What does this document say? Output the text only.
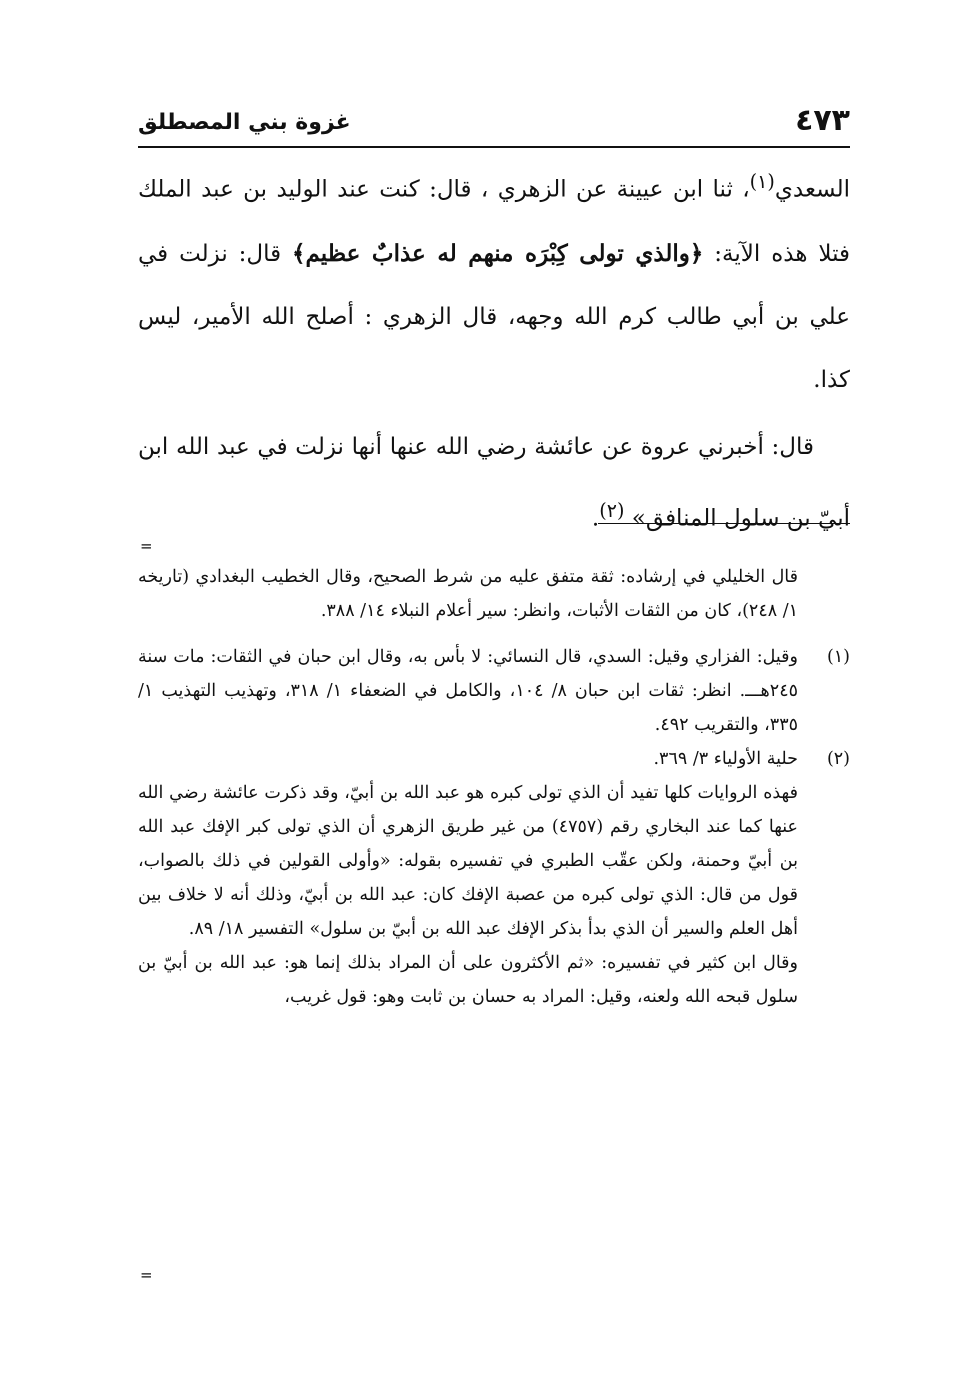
٤٧٣
غزوة بني المصطلق

السعدي$^{(١)}$، ثنا ابن عيينة عن الزهري ، قال: كنت عند الوليد بن عبد الملك فتلا هذه الآية: ﴿والذي تولى كِبْرَه منهم له عذابٌ عظيم﴾ قال: نزلت في علي بن أبي طالب كرم الله وجهه، قال الزهري : أصلح الله الأمير، ليس كذا.

قال: أخبرني عروة عن عائشة رضي الله عنها أنها نزلت في عبد الله ابن أبيّ بن سلول المنافق» $^{(٢)}$.

=

قال الخليلي في إرشاده: ثقة متفق عليه من شرط الصحيح، وقال الخطيب البغدادي (تاريخه ١/ ٢٤٨)، كان من الثقات الأثبات، وانظر: سير أعلام النبلاء ١٤/ ٣٨٨.

(١)
وقيل: الفزاري وقيل: السدي، قال النسائي: لا بأس به، وقال ابن حبان في الثقات: مات سنة ٢٤٥هـــ. انظر: ثقات ابن حبان ٨/ ١٠٤، والكامل في الضعفاء ١/ ٣١٨، وتهذيب التهذيب ١/ ٣٣٥، والتقريب ٤٩٢.
(٢)
حلية الأولياء ٣/ ٣٦٩.

فهذه الروايات كلها تفيد أن الذي تولى كبره هو عبد الله بن أبيّ، وقد ذكرت عائشة رضي الله عنها كما عند البخاري رقم (٤٧٥٧) من غير طريق الزهري أن الذي تولى كبر الإفك عبد الله بن أبيّ وحمنة، ولكن عقّب الطبري في تفسيره بقوله: «وأولى القولين في ذلك بالصواب، قول من قال: الذي تولى كبره من عصبة الإفك كان: عبد الله بن أبيّ، وذلك أنه لا خلاف بين أهل العلم والسير أن الذي بدأ بذكر الإفك عبد الله بن أبيّ بن سلول» التفسير ١٨/ ٨٩.

وقال ابن كثير في تفسيره: «ثم الأكثرون على أن المراد بذلك إنما هو: عبد الله بن أبيّ بن سلول قبحه الله ولعنه، وقيل: المراد به حسان بن ثابت وهو: قول غريب،

=
